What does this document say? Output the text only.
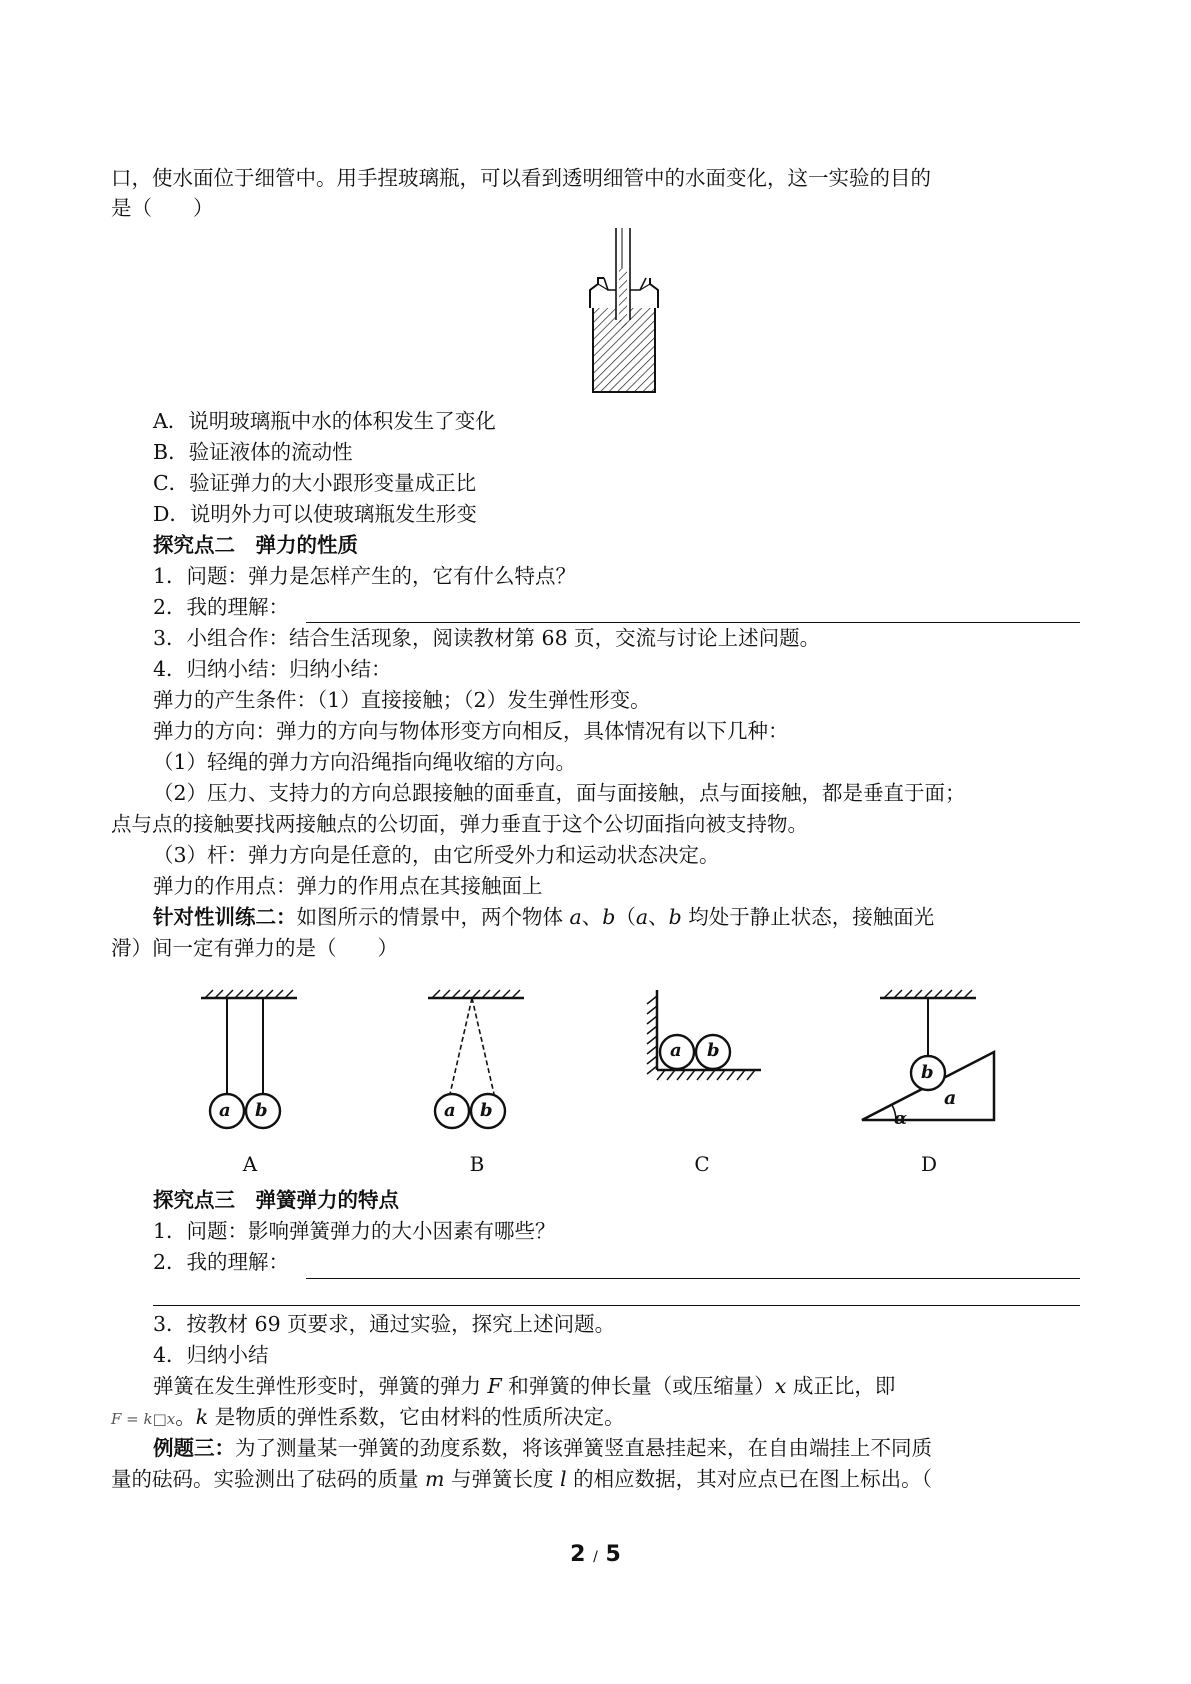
口，使水面位于细管中。用手捏玻璃瓶，可以看到透明细管中的水面变化，这一实验的目的
是（　　）
A．说明玻璃瓶中水的体积发生了变化
B．验证液体的流动性
C．验证弹力的大小跟形变量成正比
D．说明外力可以使玻璃瓶发生形变
探究点二　弹力的性质
1．问题：弹力是怎样产生的，它有什么特点？
2．我的理解：
3．小组合作：结合生活现象，阅读教材第 68 页，交流与讨论上述问题。
4．归纳小结：归纳小结：
弹力的产生条件：（1）直接接触；（2）发生弹性形变。
弹力的方向：弹力的方向与物体形变方向相反，具体情况有以下几种：
（1）轻绳的弹力方向沿绳指向绳收缩的方向。
（2）压力、支持力的方向总跟接触的面垂直，面与面接触，点与面接触，都是垂直于面；
点与点的接触要找两接触点的公切面，弹力垂直于这个公切面指向被支持物。
（3）杆：弹力方向是任意的，由它所受外力和运动状态决定。
弹力的作用点：弹力的作用点在其接触面上
针对性训练二：如图所示的情景中，两个物体 a、b（a、b 均处于静止状态，接触面光
滑）间一定有弹力的是（　　）
a b
A
a b
B
a b
C
b
a
α
D
探究点三　弹簧弹力的特点
1．问题：影响弹簧弹力的大小因素有哪些？
2．我的理解：
3．按教材 69 页要求，通过实验，探究上述问题。
4．归纳小结
弹簧在发生弹性形变时，弹簧的弹力 F 和弹簧的伸长量（或压缩量）x 成正比，即
F = k□x。k 是物质的弹性系数，它由材料的性质所决定。
例题三：为了测量某一弹簧的劲度系数，将该弹簧竖直悬挂起来，在自由端挂上不同质
量的砝码。实验测出了砝码的质量 m 与弹簧长度 l 的相应数据，其对应点已在图上标出。（
2 / 5
